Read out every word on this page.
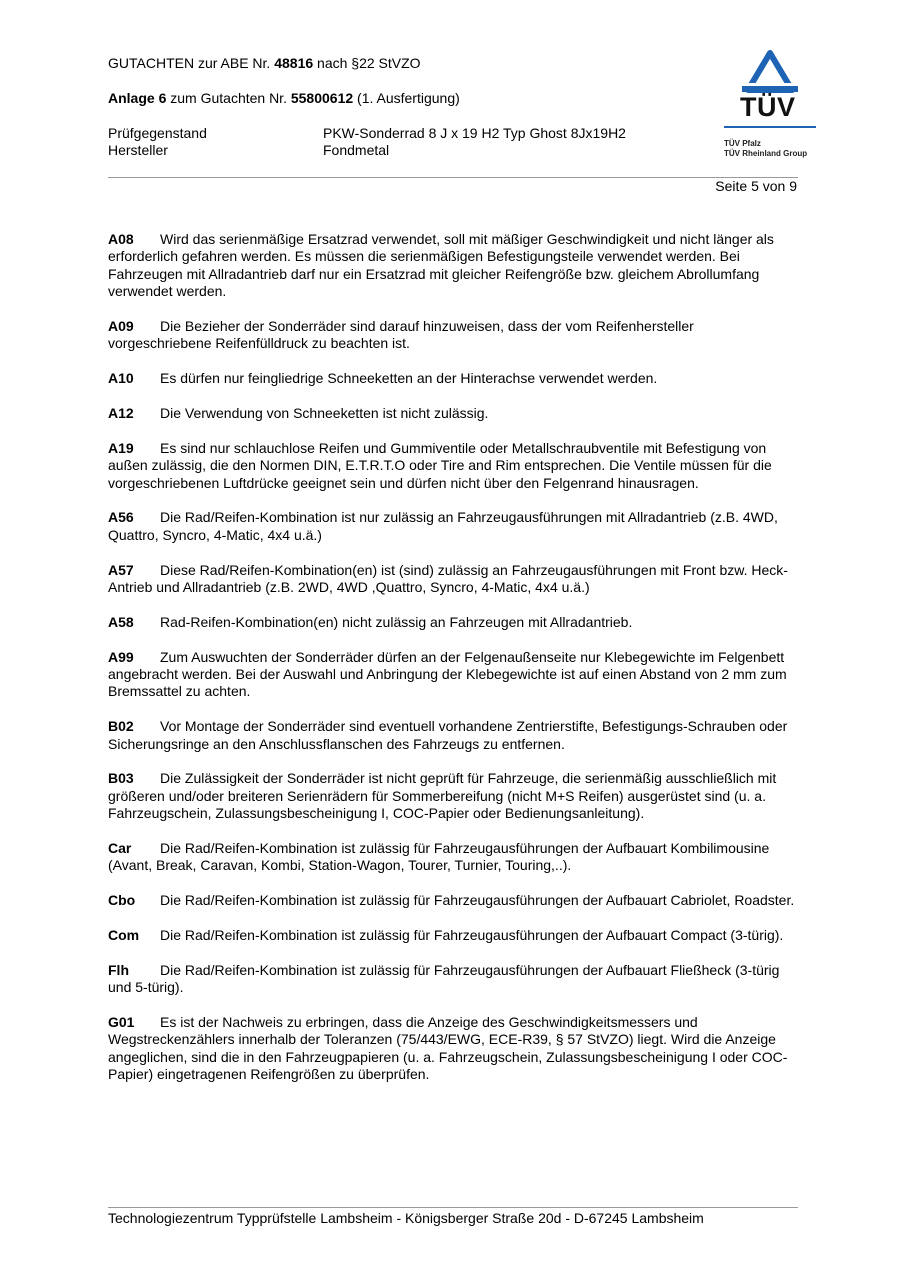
GUTACHTEN zur ABE Nr. 48816 nach §22 StVZO
Anlage 6 zum Gutachten Nr. 55800612 (1. Ausfertigung)
Prüfgegenstand	PKW-Sonderrad 8 J x 19 H2 Typ Ghost 8Jx19H2
Hersteller	Fondmetal
TÜV
TÜV Pfalz
TÜV Rheinland Group
Seite 5 von 9
A08 Wird das serienmäßige Ersatzrad verwendet, soll mit mäßiger Geschwindigkeit und nicht länger als erforderlich gefahren werden. Es müssen die serienmäßigen Befestigungsteile verwendet werden. Bei Fahrzeugen mit Allradantrieb darf nur ein Ersatzrad mit gleicher Reifengröße bzw. gleichem Abrollumfang verwendet werden.
A09 Die Bezieher der Sonderräder sind darauf hinzuweisen, dass der vom Reifenhersteller vorgeschriebene Reifenfülldruck zu beachten ist.
A10 Es dürfen nur feingliedrige Schneeketten an der Hinterachse verwendet werden.
A12 Die Verwendung von Schneeketten ist nicht zulässig.
A19 Es sind nur schlauchlose Reifen und Gummiventile oder Metallschraubventile mit Befestigung von außen zulässig, die den Normen DIN, E.T.R.T.O oder Tire and Rim entsprechen. Die Ventile müssen für die vorgeschriebenen Luftdrücke geeignet sein und dürfen nicht über den Felgenrand hinausragen.
A56 Die Rad/Reifen-Kombination ist nur zulässig an Fahrzeugausführungen mit Allradantrieb (z.B. 4WD, Quattro, Syncro, 4-Matic, 4x4 u.ä.)
A57 Diese Rad/Reifen-Kombination(en) ist (sind) zulässig an Fahrzeugausführungen mit Front bzw. Heck-Antrieb und Allradantrieb (z.B. 2WD, 4WD ,Quattro, Syncro, 4-Matic, 4x4 u.ä.)
A58 Rad-Reifen-Kombination(en) nicht zulässig an Fahrzeugen mit Allradantrieb.
A99 Zum Auswuchten der Sonderräder dürfen an der Felgenaußenseite nur Klebegewichte im Felgenbett angebracht werden. Bei der Auswahl und Anbringung der Klebegewichte ist auf einen Abstand von 2 mm zum Bremssattel zu achten.
B02 Vor Montage der Sonderräder sind eventuell vorhandene Zentrierstifte, Befestigungs-Schrauben oder Sicherungsringe an den Anschlussflanschen des Fahrzeugs zu entfernen.
B03 Die Zulässigkeit der Sonderräder ist nicht geprüft für Fahrzeuge, die serienmäßig ausschließlich mit größeren und/oder breiteren Serienrädern für Sommerbereifung (nicht M+S Reifen) ausgerüstet sind (u. a. Fahrzeugschein, Zulassungsbescheinigung I, COC-Papier oder Bedienungsanleitung).
Car Die Rad/Reifen-Kombination ist zulässig für Fahrzeugausführungen der Aufbauart Kombilimousine (Avant, Break, Caravan, Kombi, Station-Wagon, Tourer, Turnier, Touring,..).
Cbo Die Rad/Reifen-Kombination ist zulässig für Fahrzeugausführungen der Aufbauart Cabriolet, Roadster.
Com Die Rad/Reifen-Kombination ist zulässig für Fahrzeugausführungen der Aufbauart Compact (3-türig).
Flh Die Rad/Reifen-Kombination ist zulässig für Fahrzeugausführungen der Aufbauart Fließheck (3-türig und 5-türig).
G01 Es ist der Nachweis zu erbringen, dass die Anzeige des Geschwindigkeitsmessers und Wegstreckenzählers innerhalb der Toleranzen (75/443/EWG, ECE-R39, § 57 StVZO) liegt. Wird die Anzeige angeglichen, sind die in den Fahrzeugpapieren (u. a. Fahrzeugschein, Zulassungsbescheinigung I oder COC-Papier) eingetragenen Reifengrößen zu überprüfen.
Technologiezentrum Typprüfstelle Lambsheim - Königsberger Straße 20d - D-67245 Lambsheim
